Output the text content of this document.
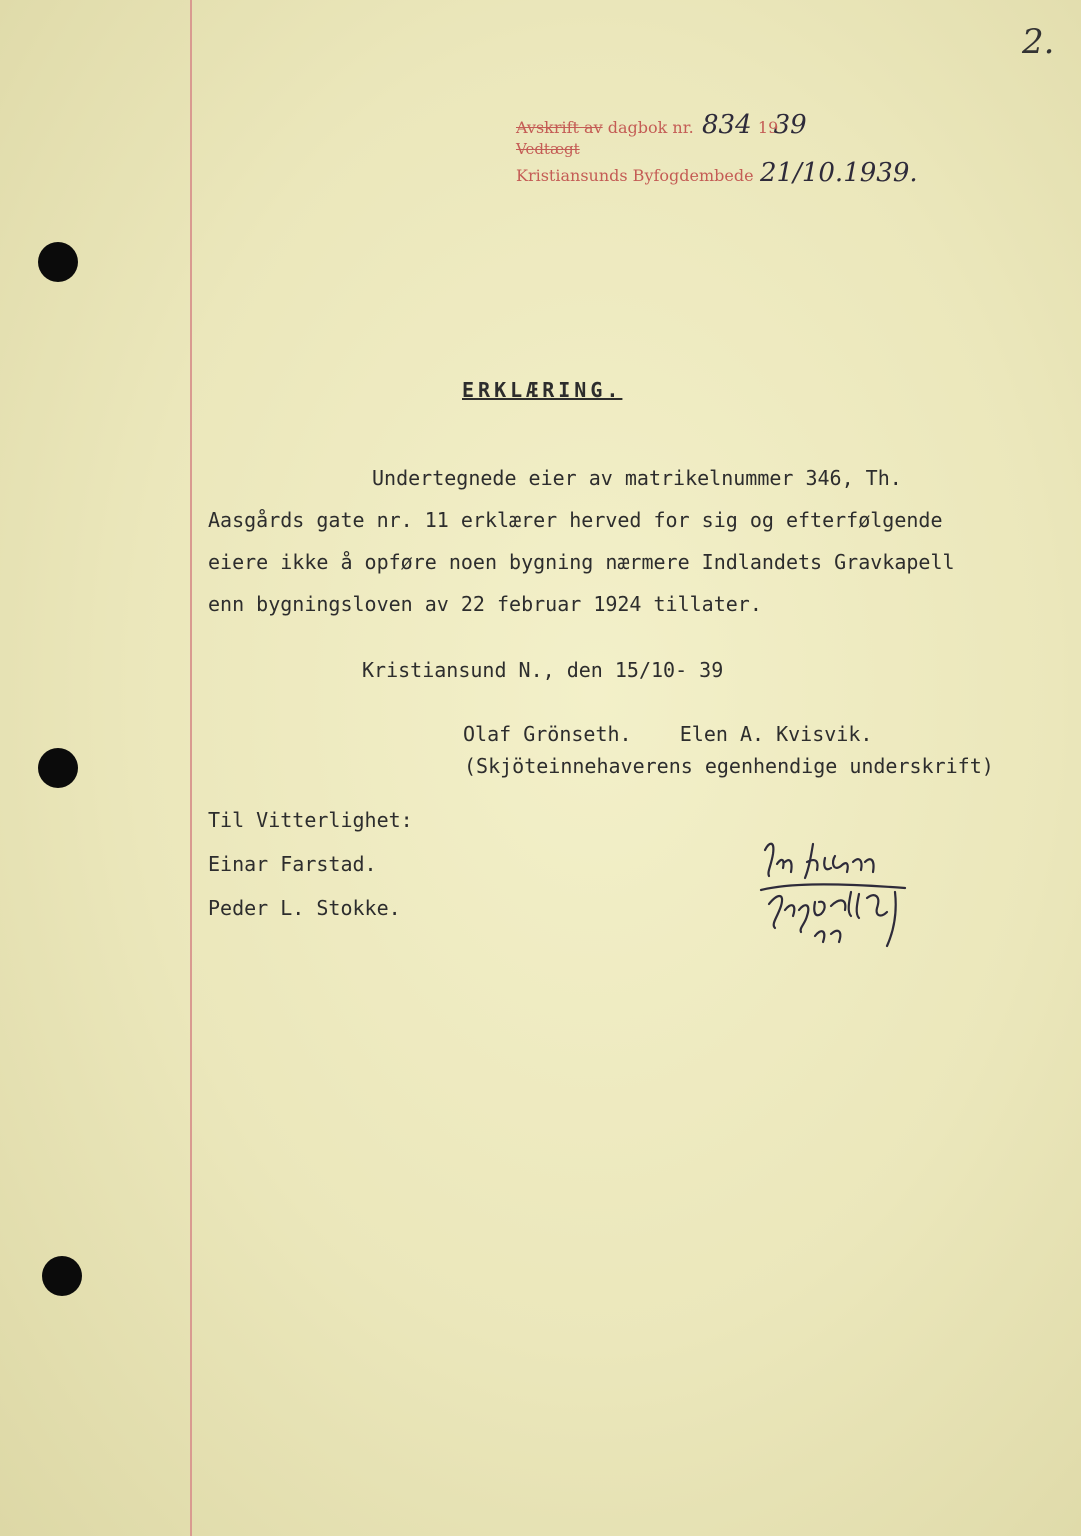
2.
Avskrift av dagbok nr.	19
Vedtægt
Kristiansunds Byfogdembede
834 39
21/10.1939.
ERKLÆRING.
Undertegnede eier av matrikelnummer 346, Th.
Aasgårds gate nr. 11 erklærer herved for sig og efterfølgende
eiere ikke å opføre noen bygning nærmere Indlandets Gravkapell
enn bygningsloven av 22 februar 1924 tillater.
Kristiansund N., den 15/10- 39
Olaf Grönseth.    Elen A. Kvisvik.
(Skjöteinnehaverens egenhendige underskrift)
Til Vitterlighet:
Einar Farstad.
Peder L. Stokke.
